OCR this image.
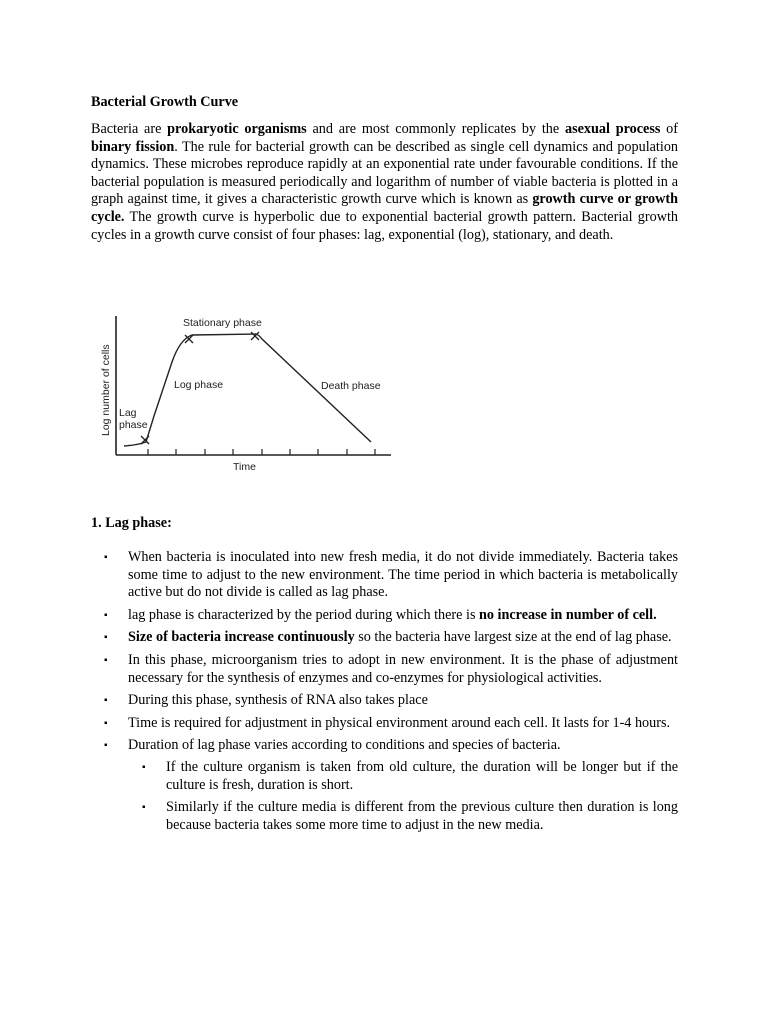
Bacterial Growth Curve

Bacteria are prokaryotic organisms and are most commonly replicates by the asexual process of binary fission. The rule for bacterial growth can be described as single cell dynamics and population dynamics. These microbes reproduce rapidly at an exponential rate under favourable conditions. If the bacterial population is measured periodically and logarithm of number of viable bacteria is plotted in a graph against time, it gives a characteristic growth curve which is known as growth curve or growth cycle. The growth curve is hyperbolic due to exponential bacterial growth pattern. Bacterial growth cycles in a growth curve consist of four phases: lag, exponential (log), stationary, and death.

Stationary phase
Log phase	Death phase
Lag
phase
Time
Log number of cells
1. Lag phase:
▪ When bacteria is inoculated into new fresh media, it do not divide immediately. Bacteria takes some time to adjust to the new environment. The time period in which bacteria is metabolically active but do not divide is called as lag phase.
▪ lag phase is characterized by the period during which there is no increase in number of cell.
▪ Size of bacteria increase continuously so the bacteria have largest size at the end of lag phase.
▪ In this phase, microorganism tries to adopt in new environment. It is the phase of adjustment necessary for the synthesis of enzymes and co-enzymes for physiological activities.
▪ During this phase, synthesis of RNA also takes place
▪ Time is required for adjustment in physical environment around each cell. It lasts for 1-4 hours.
▪ Duration of lag phase varies according to conditions and species of bacteria.
▪ If the culture organism is taken from old culture, the duration will be longer but if the culture is fresh, duration is short.
▪ Similarly if the culture media is different from the previous culture then duration is long because bacteria takes some more time to adjust in the new media.
